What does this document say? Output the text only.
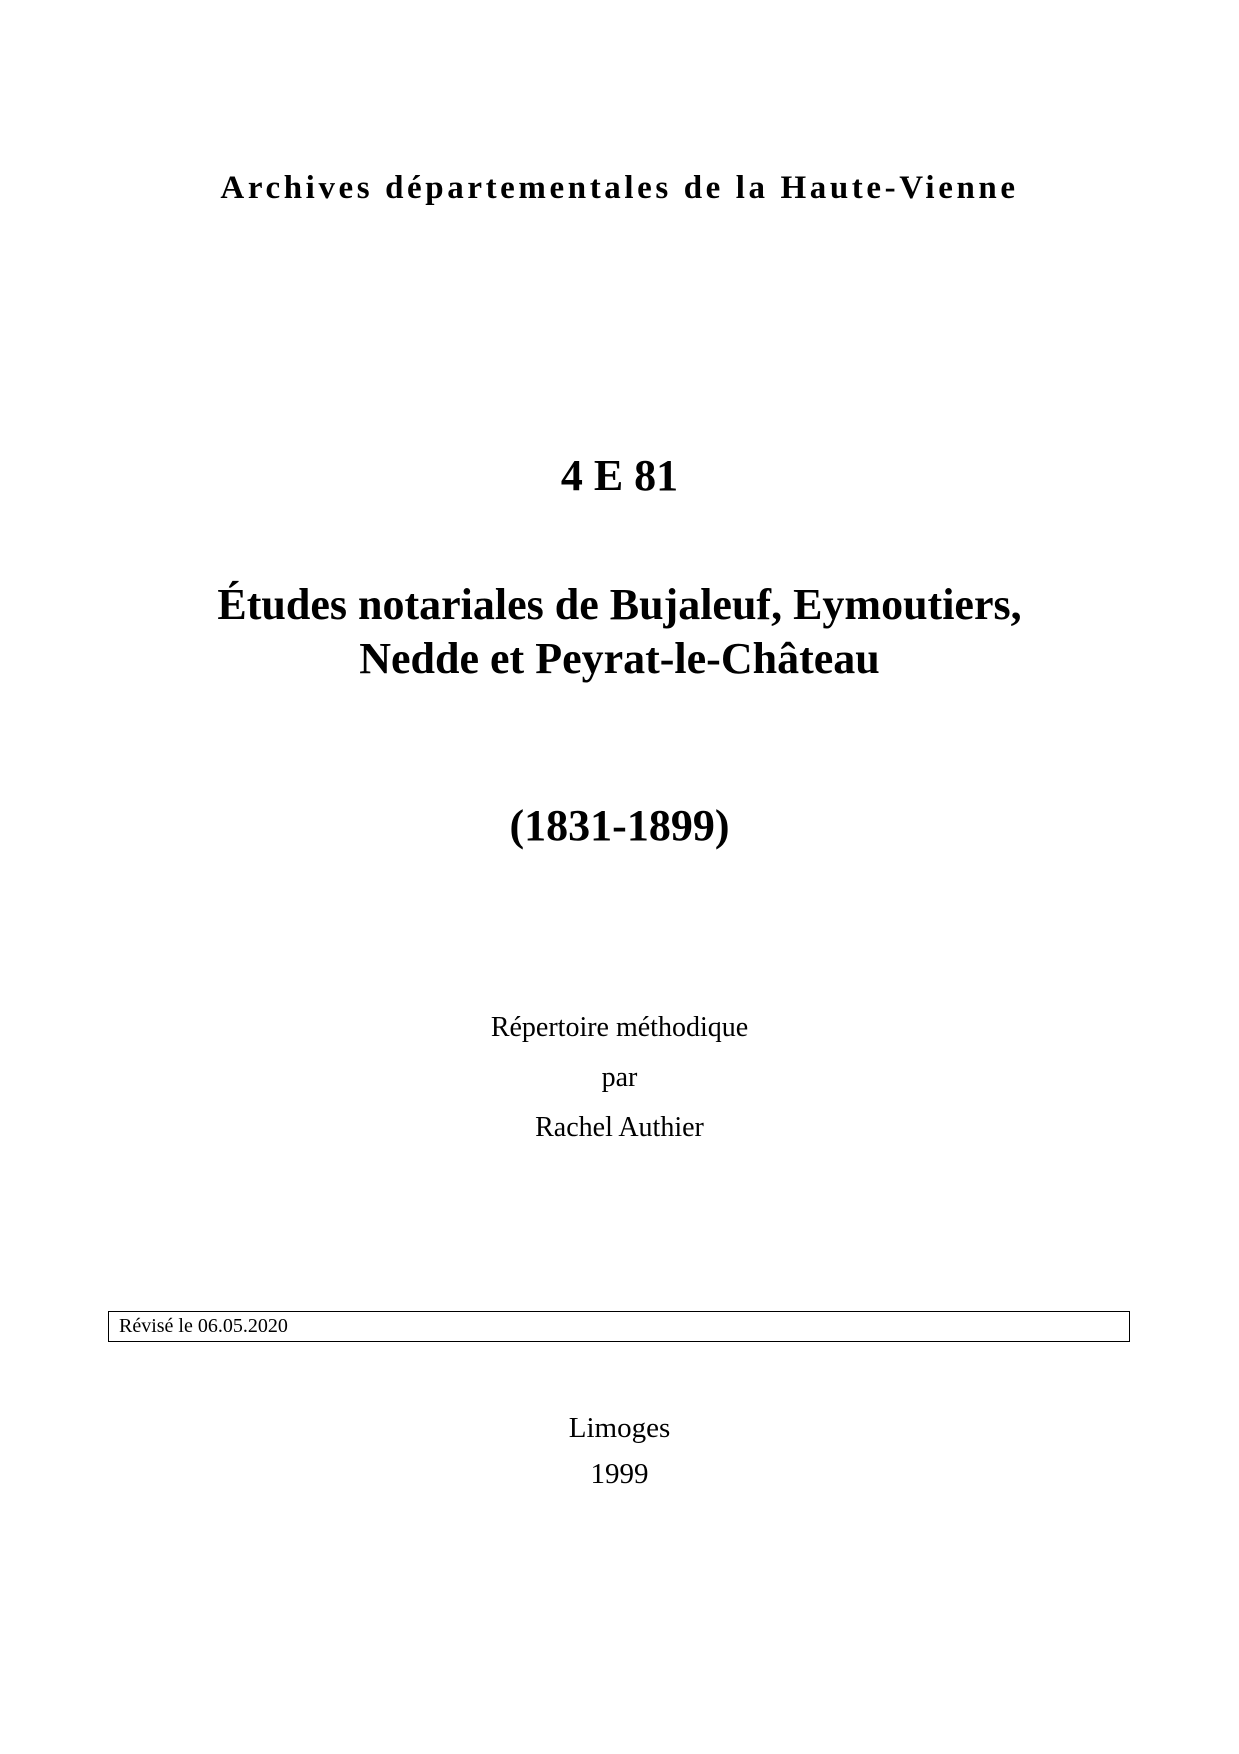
Archives départementales de la Haute-Vienne
4 E 81
Études notariales de Bujaleuf, Eymoutiers,
Nedde et Peyrat-le-Château
(1831-1899)
Répertoire méthodique
par
Rachel Authier
Révisé le 06.05.2020
Limoges
1999
